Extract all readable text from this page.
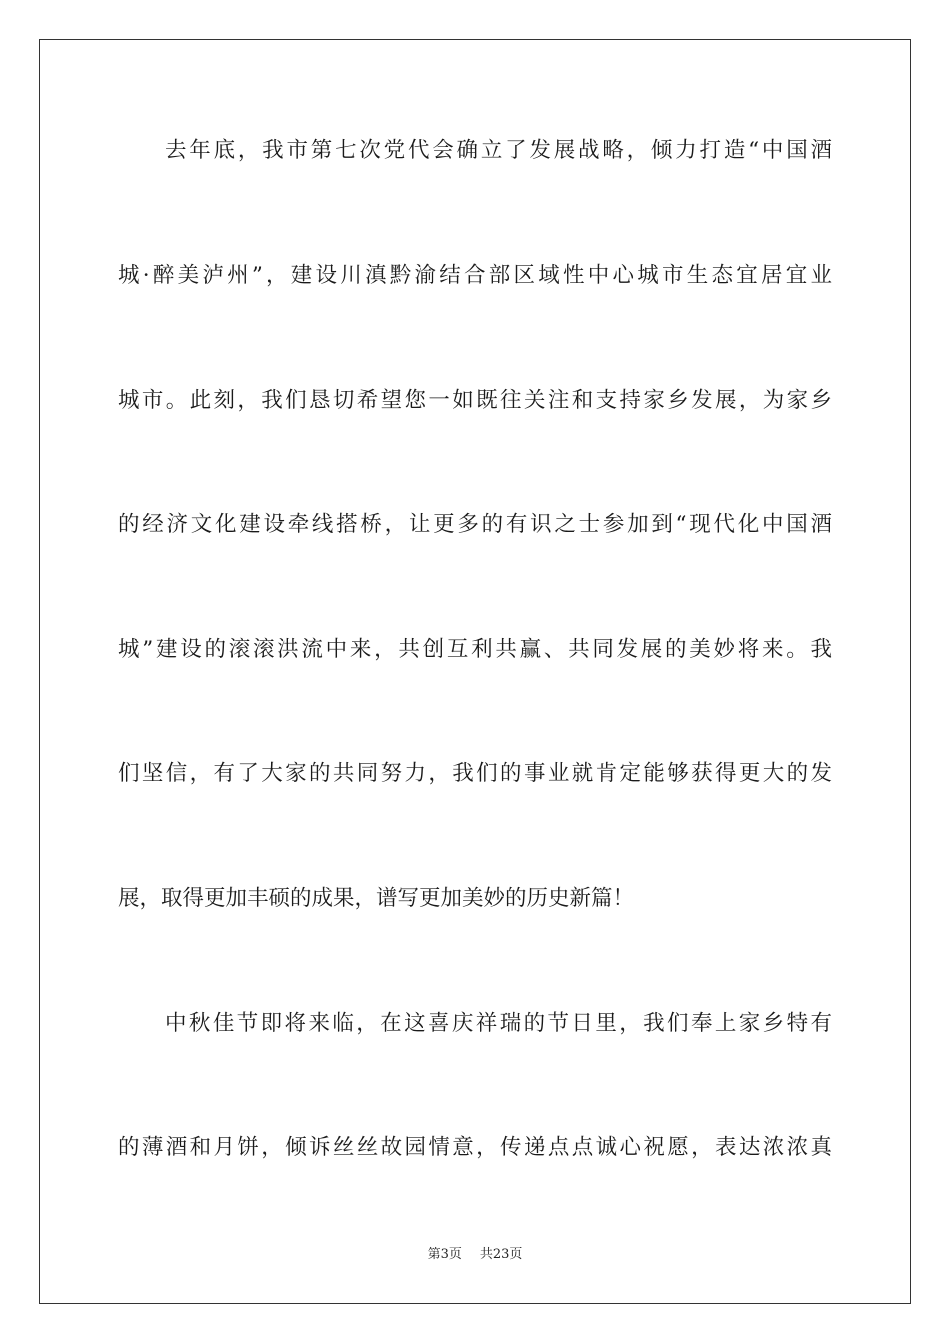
去年底，我市第七次党代会确立了发展战略，倾力打造“中国酒
城·醉美泸州”，建设川滇黔渝结合部区域性中心城市生态宜居宜业
城市。此刻，我们恳切希望您一如既往关注和支持家乡发展，为家乡
的经济文化建设牵线搭桥，让更多的有识之士参加到“现代化中国酒
城”建设的滚滚洪流中来，共创互利共赢、共同发展的美妙将来。我
们坚信，有了大家的共同努力，我们的事业就肯定能够获得更大的发
展，取得更加丰硕的成果，谱写更加美妙的历史新篇！
中秋佳节即将来临，在这喜庆祥瑞的节日里，我们奉上家乡特有
的薄酒和月饼，倾诉丝丝故园情意，传递点点诚心祝愿，表达浓浓真
第3页 共23页
